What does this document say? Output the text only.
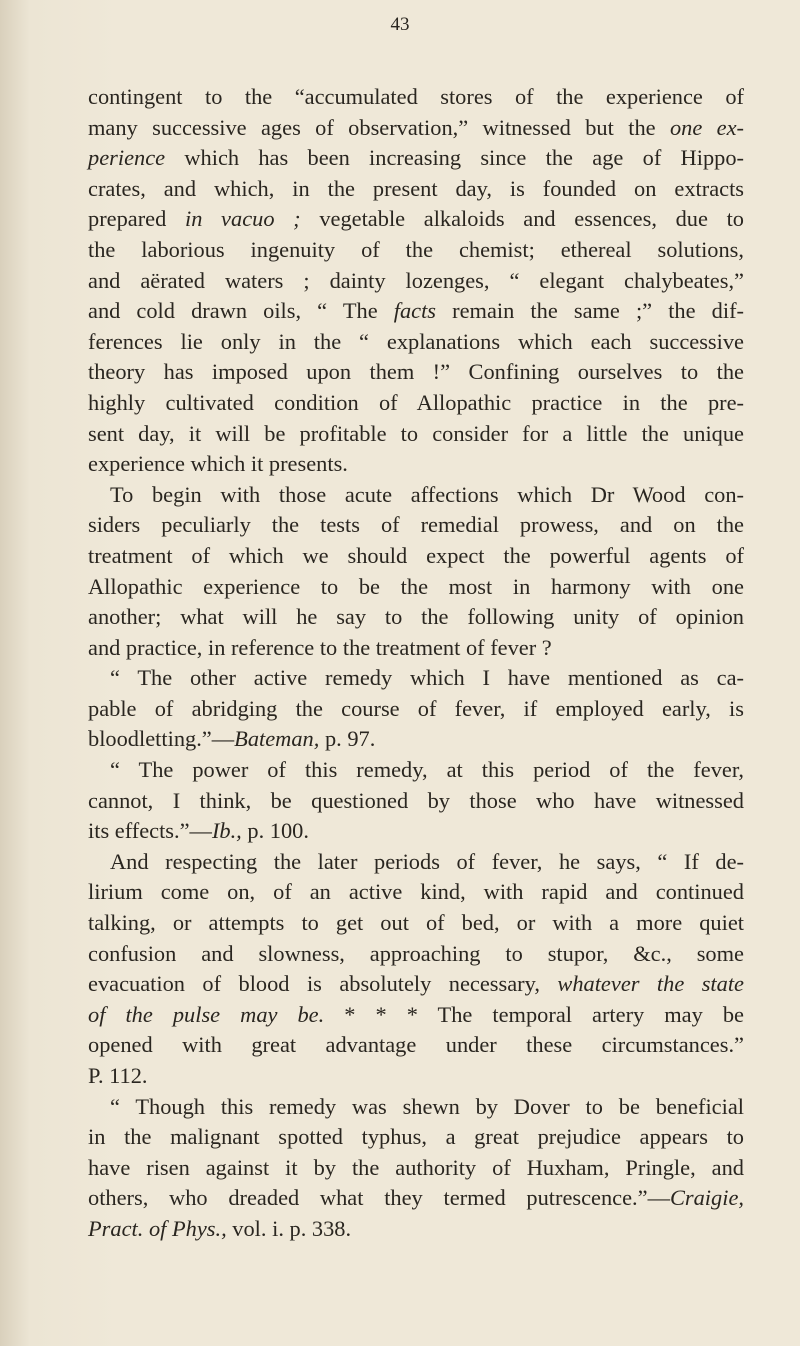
43
contingent to the “accumulated stores of the experience of
many successive ages of observation,” witnessed but the one ex-
perience which has been increasing since the age of Hippo-
crates, and which, in the present day, is founded on extracts
prepared in vacuo ; vegetable alkaloids and essences, due to
the laborious ingenuity of the chemist; ethereal solutions,
and aërated waters ; dainty lozenges, “ elegant chalybeates,”
and cold drawn oils, “ The facts remain the same ;” the dif-
ferences lie only in the “ explanations which each successive
theory has imposed upon them !” Confining ourselves to the
highly cultivated condition of Allopathic practice in the pre-
sent day, it will be profitable to consider for a little the unique
experience which it presents.
To begin with those acute affections which Dr Wood con-
siders peculiarly the tests of remedial prowess, and on the
treatment of which we should expect the powerful agents of
Allopathic experience to be the most in harmony with one
another; what will he say to the following unity of opinion
and practice, in reference to the treatment of fever ?
“ The other active remedy which I have mentioned as ca-
pable of abridging the course of fever, if employed early, is
bloodletting.”—Bateman, p. 97.
“ The power of this remedy, at this period of the fever,
cannot, I think, be questioned by those who have witnessed
its effects.”—Ib., p. 100.
And respecting the later periods of fever, he says, “ If de-
lirium come on, of an active kind, with rapid and continued
talking, or attempts to get out of bed, or with a more quiet
confusion and slowness, approaching to stupor, &c., some
evacuation of blood is absolutely necessary, whatever the state
of the pulse may be. * * * The temporal artery may be
opened with great advantage under these circumstances.”
P. 112.
“ Though this remedy was shewn by Dover to be beneficial
in the malignant spotted typhus, a great prejudice appears to
have risen against it by the authority of Huxham, Pringle, and
others, who dreaded what they termed putrescence.”—Craigie,
Pract. of Phys., vol. i. p. 338.
